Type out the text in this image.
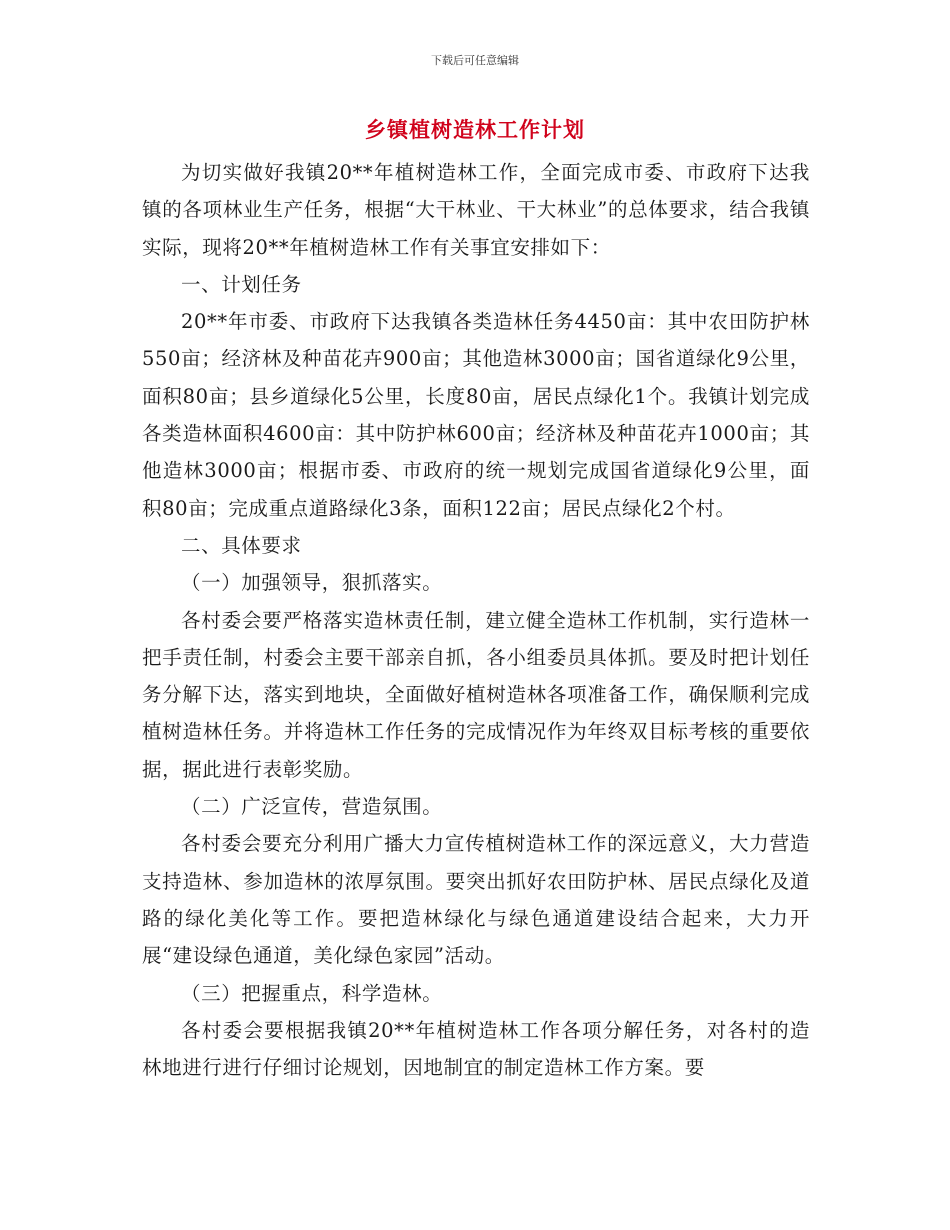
下载后可任意编辑
乡镇植树造林工作计划

为切实做好我镇20**年植树造林工作，全面完成市委、市政府下达我镇的各项林业生产任务，根据“大干林业、干大林业”的总体要求，结合我镇实际，现将20**年植树造林工作有关事宜安排如下：

一、计划任务

20**年市委、市政府下达我镇各类造林任务4450亩：其中农田防护林550亩；经济林及种苗花卉900亩；其他造林3000亩；国省道绿化9公里，面积80亩；县乡道绿化5公里，长度80亩，居民点绿化1个。我镇计划完成各类造林面积4600亩：其中防护林600亩；经济林及种苗花卉1000亩；其他造林3000亩；根据市委、市政府的统一规划完成国省道绿化9公里，面积80亩；完成重点道路绿化3条，面积122亩；居民点绿化2个村。

二、具体要求

（一）加强领导，狠抓落实。

各村委会要严格落实造林责任制，建立健全造林工作机制，实行造林一把手责任制，村委会主要干部亲自抓，各小组委员具体抓。要及时把计划任务分解下达，落实到地块，全面做好植树造林各项准备工作，确保顺利完成植树造林任务。并将造林工作任务的完成情况作为年终双目标考核的重要依据，据此进行表彰奖励。

（二）广泛宣传，营造氛围。

各村委会要充分利用广播大力宣传植树造林工作的深远意义，大力营造支持造林、参加造林的浓厚氛围。要突出抓好农田防护林、居民点绿化及道路的绿化美化等工作。要把造林绿化与绿色通道建设结合起来，大力开展“建设绿色通道，美化绿色家园”活动。

（三）把握重点，科学造林。

各村委会要根据我镇20**年植树造林工作各项分解任务，对各村的造林地进行进行仔细讨论规划，因地制宜的制定造林工作方案。要
